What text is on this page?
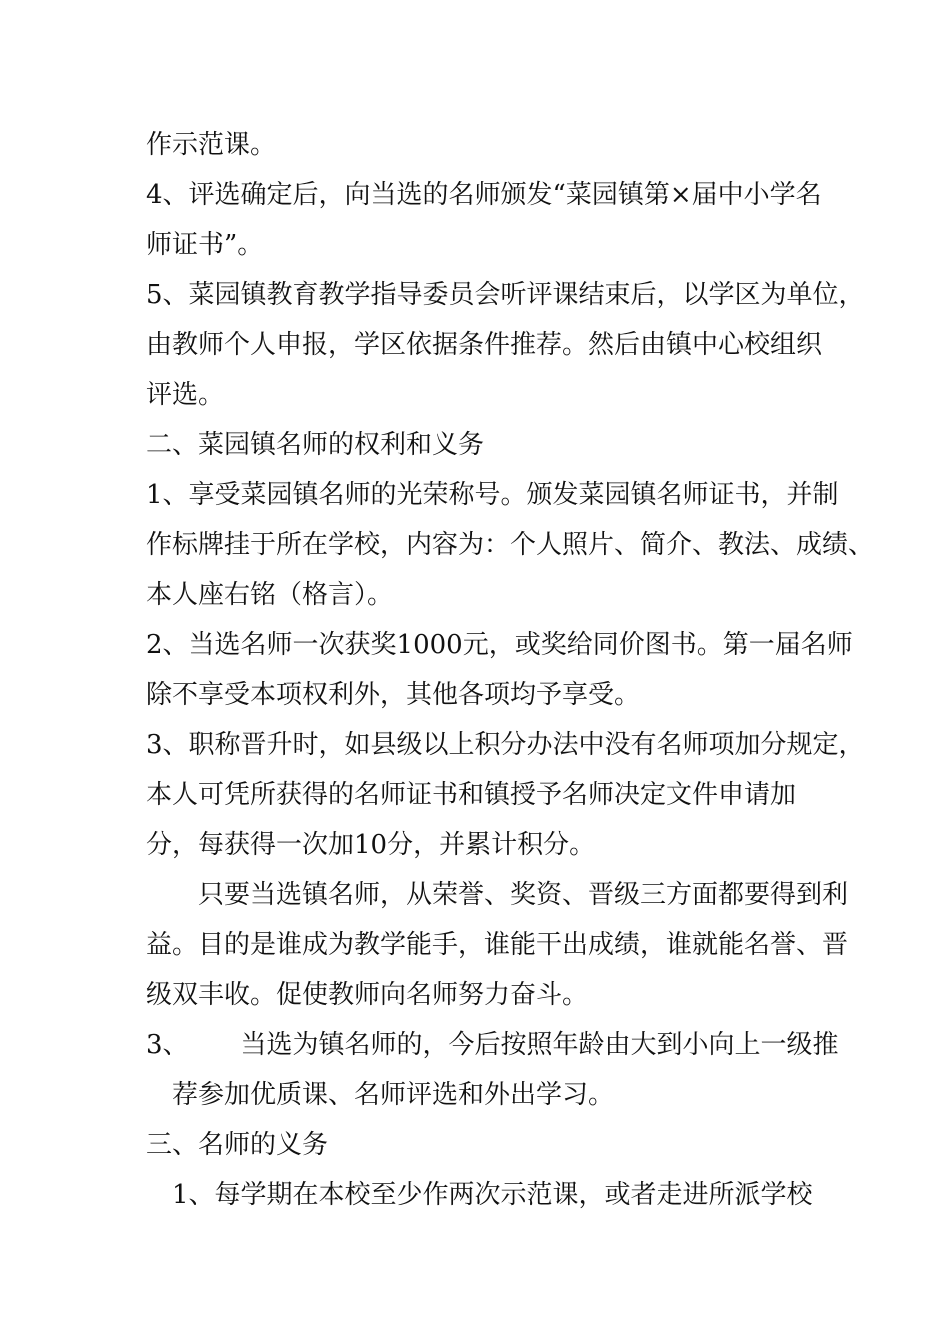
作示范课。
4、评选确定后，向当选的名师颁发“菜园镇第×届中小学名
师证书”。
5、菜园镇教育教学指导委员会听评课结束后，以学区为单位，
由教师个人申报，学区依据条件推荐。然后由镇中心校组织
评选。
二、菜园镇名师的权利和义务
1、享受菜园镇名师的光荣称号。颁发菜园镇名师证书，并制
作标牌挂于所在学校，内容为：个人照片、简介、教法、成绩、
本人座右铭（格言）。
2、当选名师一次获奖1000元，或奖给同价图书。第一届名师
除不享受本项权利外，其他各项均予享受。
3、职称晋升时，如县级以上积分办法中没有名师项加分规定，
本人可凭所获得的名师证书和镇授予名师决定文件申请加
分，每获得一次加10分，并累计积分。
只要当选镇名师，从荣誉、奖资、晋级三方面都要得到利
益。目的是谁成为教学能手，谁能干出成绩，谁就能名誉、晋
级双丰收。促使教师向名师努力奋斗。
3、 当选为镇名师的，今后按照年龄由大到小向上一级推
荐参加优质课、名师评选和外出学习。
三、名师的义务
1、每学期在本校至少作两次示范课，或者走进所派学校
